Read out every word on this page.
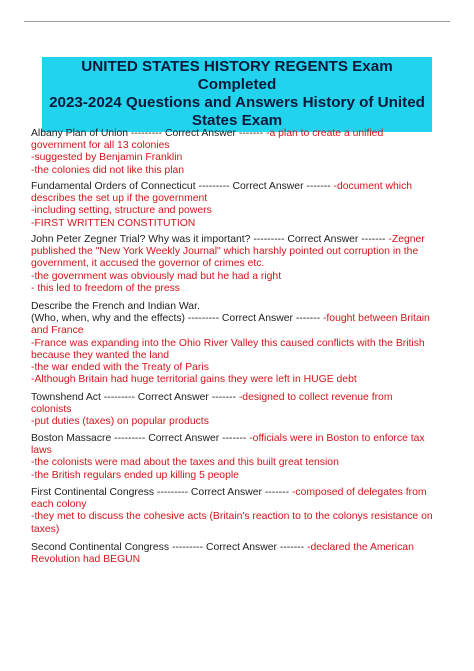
UNITED STATES HISTORY REGENTS Exam Completed
2023-2024 Questions and Answers History of United
States Exam
Albany Plan of Union --------- Correct Answer ------- -a plan to create a unified
government for all 13 colonies
-suggested by Benjamin Franklin
-the colonies did not like this plan
Fundamental Orders of Connecticut --------- Correct Answer ------- -document which
describes the set up if the government
-including setting, structure and powers
-FIRST WRITTEN CONSTITUTION
John Peter Zegner Trial? Why was it important? --------- Correct Answer ------- -Zegner
published the "New York Weekly Journal" which harshly pointed out corruption in the
government, it accused the governor of crimes etc.
-the government was obviously mad but he had a right
- this led to freedom of the press
Describe the French and Indian War.
(Who, when, why and the effects) --------- Correct Answer ------- -fought between Britain
and France
-France was expanding into the Ohio River Valley this caused conflicts with the British
because they wanted the land
-the war ended with the Treaty of Paris
-Although Britain had huge territorial gains they were left in HUGE debt
Townshend Act --------- Correct Answer ------- -designed to collect revenue from
colonists
-put duties (taxes) on popular products
Boston Massacre --------- Correct Answer ------- -officials were in Boston to enforce tax
laws
-the colonists were mad about the taxes and this built great tension
-the British regulars ended up killing 5 people
First Continental Congress --------- Correct Answer ------- -composed of delegates from
each colony
-they met to discuss the cohesive acts (Britain's reaction to to the colonys resistance on
taxes)
Second Continental Congress --------- Correct Answer ------- -declared the American
Revolution had BEGUN
